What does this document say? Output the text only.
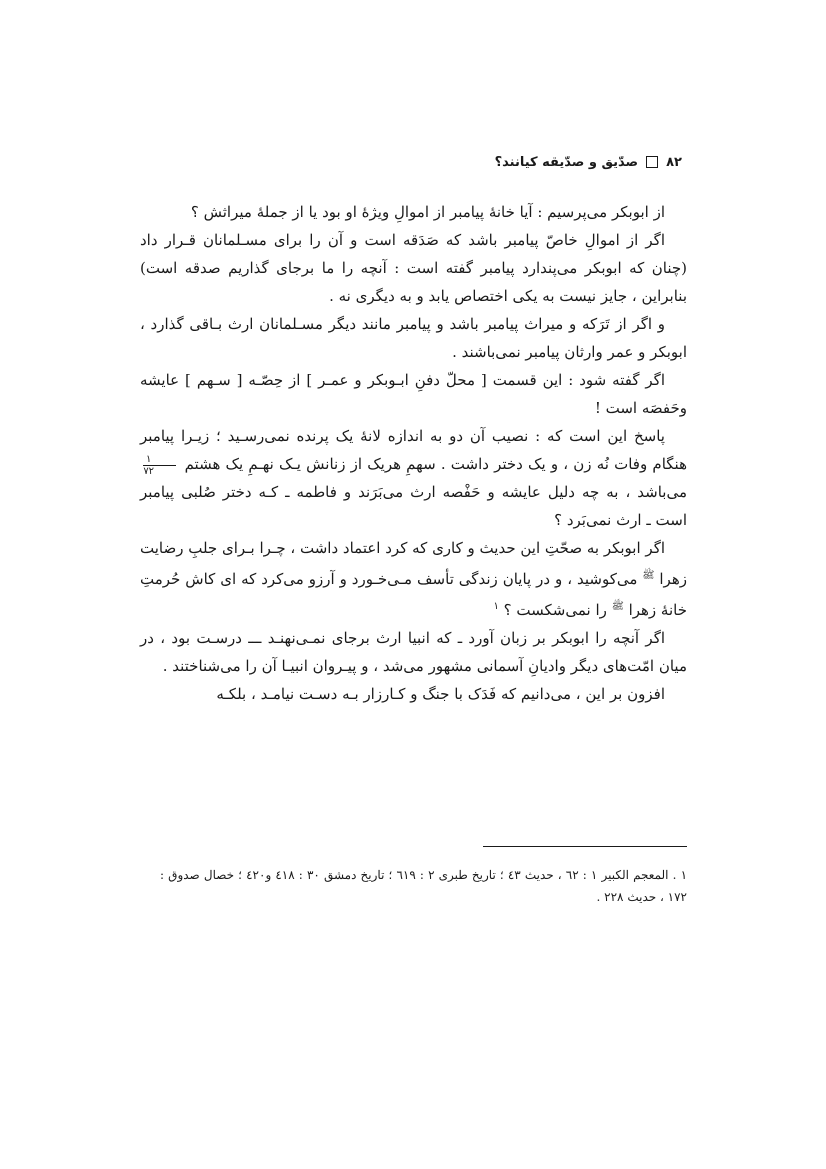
۸۲
صدّیق و صدّیقه کیانند؟

از ابوبکر می‌پرسیم : آیا خانهٔ پیامبر از اموالِ ویژهٔ او بود یا از جملهٔ میراثش ؟

اگر از اموالِ خاصّ پیامبر باشد که صَدَقه است و آن را برای مسـلمانان قـرار داد (چنان که ابوبکر می‌پندارد پیامبر گفته است : آنچه را ما برجای گذاریم صدقه است) بنابراین ، جایز نیست به یکی اختصاص یابد و به دیگری نه .

و اگر از تَرَکه و میراث پیامبر باشد و پیامبر مانند دیگر مسـلمانان ارث بـاقی گذارد ، ابوبکر و عمر وارثان پیامبر نمی‌باشند .

اگر گفته شود : این قسمت [ محلّ دفنِ ابـوبکر و عمـر ] از حِصّـه [ سـهم ] عایشه وحَفصَه است !

پاسخ این است که : نصیب آن دو به اندازه لانهٔ یک پرنده نمی‌رسـید ؛ زیـرا پیامبر هنگام وفات نُه زن ، و یک دختر داشت . سهمِ هریک از زنانش یـک نهـمِ یک هشتم
$\frac{۱}{۷۲}$
می‌باشد ، به چه دلیل عایشه و حَفْصه ارث می‌بَرَند و فاطمه ـ کـه دختر صُلبی پیامبر است ـ ارث نمی‌بَرد ؟

اگر ابوبکر به صحّتِ این حدیث و کاری که کرد اعتماد داشت ، چـرا بـرای جلبِ رضایت زهرا $^ﷺ$ می‌کوشید ، و در پایان زندگی تأسف مـی‌خـورد و آرزو می‌کرد که ای کاش حُرمتِ خانهٔ زهرا $^ﷺ$ را نمی‌شکست ؟ $^۱$

اگر آنچه را ابوبکر بر زبان آورد ـ که انبیا ارث برجای نمـی‌نهنـد ـــ درسـت بود ، در میان امّت‌های دیگر وادیانِ آسمانی مشهور می‌شد ، و پیـروان انبیـا آن را می‌شناختند .

افزون بر این ، می‌دانیم که فَدَک با جنگ و کـارزار بـه دسـت نیامـد ، بلکـه

۱ . المعجم الکبیر ۱ : ٦٢ ، حدیث ٤٣ ؛ تاریخ طبری ۲ : ٦۱۹ ؛ تاریخ دمشق ۳۰ : ٤۱۸ و٤۲۰ ؛ خصال صدوق : ۱۷۲ ، حدیث ۲۲۸ .
